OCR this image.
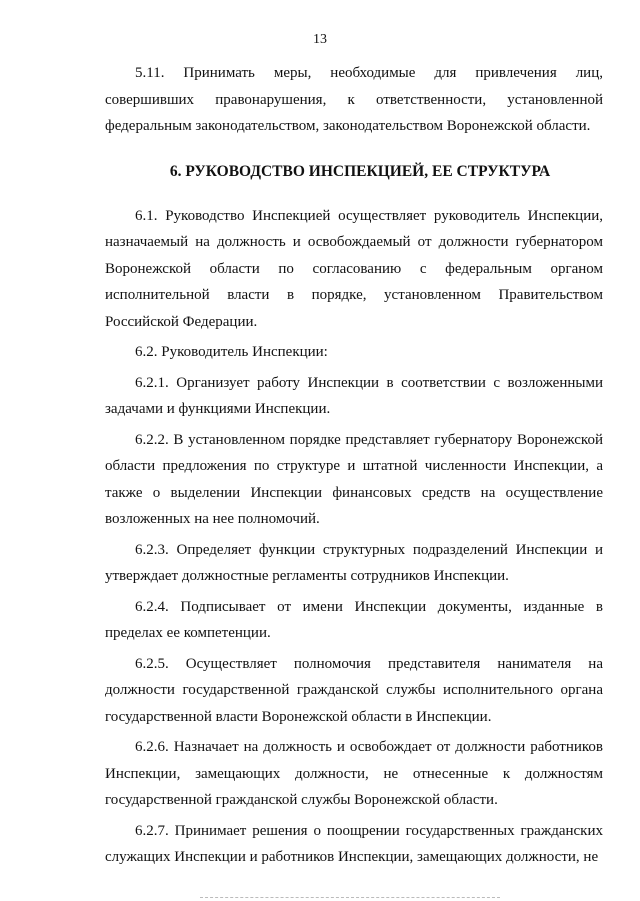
13

5.11. Принимать меры, необходимые для привлечения лиц, совершивших правонарушения, к ответственности, установленной федеральным законодательством, законодательством Воронежской области.

6. РУКОВОДСТВО ИНСПЕКЦИЕЙ, ЕЕ СТРУКТУРА

6.1. Руководство Инспекцией осуществляет руководитель Инспекции, назначаемый на должность и освобождаемый от должности губернатором Воронежской области по согласованию с федеральным органом исполнительной власти в порядке, установленном Правительством Российской Федерации.

6.2. Руководитель Инспекции:

6.2.1. Организует работу Инспекции в соответствии с возложенными задачами и функциями Инспекции.

6.2.2. В установленном порядке представляет губернатору Воронежской области предложения по структуре и штатной численности Инспекции, а также о выделении Инспекции финансовых средств на осуществление возложенных на нее полномочий.

6.2.3. Определяет функции структурных подразделений Инспекции и утверждает должностные регламенты сотрудников Инспекции.

6.2.4. Подписывает от имени Инспекции документы, изданные в пределах ее компетенции.

6.2.5. Осуществляет полномочия представителя нанимателя на должности государственной гражданской службы исполнительного органа государственной власти Воронежской области в Инспекции.

6.2.6. Назначает на должность и освобождает от должности работников Инспекции, замещающих должности, не отнесенные к должностям государственной гражданской службы Воронежской области.

6.2.7. Принимает решения о поощрении государственных гражданских служащих Инспекции и работников Инспекции, замещающих должности, не
